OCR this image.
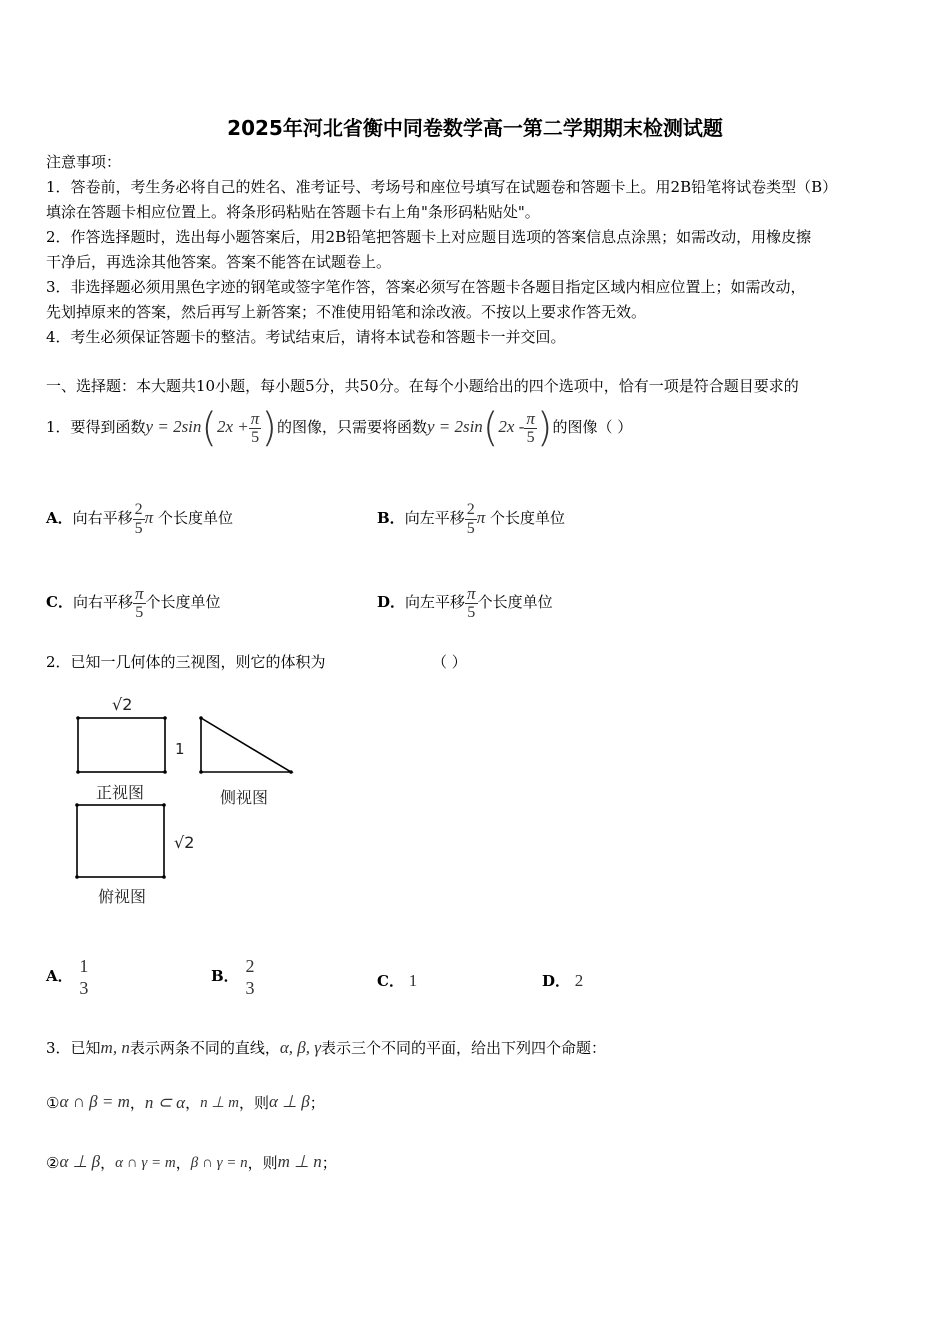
2025年河北省衡中同卷数学高一第二学期期末检测试题
注意事项：
1．答卷前，考生务必将自己的姓名、准考证号、考场号和座位号填写在试题卷和答题卡上。用2B铅笔将试卷类型（B）
填涂在答题卡相应位置上。将条形码粘贴在答题卡右上角"条形码粘贴处"。
2．作答选择题时，选出每小题答案后，用2B铅笔把答题卡上对应题目选项的答案信息点涂黑；如需改动，用橡皮擦
干净后，再选涂其他答案。答案不能答在试题卷上。
3．非选择题必须用黑色字迹的钢笔或签字笔作答，答案必须写在答题卡各题目指定区域内相应位置上；如需改动，
先划掉原来的答案，然后再写上新答案；不准使用铅笔和涂改液。不按以上要求作答无效。
4．考生必须保证答题卡的整洁。考试结束后，请将本试卷和答题卡一并交回。
一、选择题：本大题共10小题，每小题5分，共50分。在每个小题给出的四个选项中，恰有一项是符合题目要求的
1．要得到函数$y = 2\sin(2x + \frac{\pi}{5}$ )的图像，只需要将函数$y = 2\sin(2x - \frac{\pi}{5}$ )的图像（ ）
A．向右平移 $\frac{2}{5}$ π 个长度单位	B．向左平移 $\frac{2}{5}$ π 个长度单位
C．向右平移 $\frac{\pi}{5}$ 个长度单位	D．向左平移 $\frac{\pi}{5}$ 个长度单位
2．已知一几何体的三视图，则它的体积为	（ ）
√2
1
√2
正视图	侧视图
俯视图
A． 1
3
B． 2
3	C． 1	D． 2
3．已知m, n表示两条不同的直线，α, β, γ表示三个不同的平面，给出下列四个命题：
①α ∩ β = m，n ⊂ α，n ⊥ m，则α ⊥ β；
②α ⊥ β，α ∩ γ = m，β ∩ γ = n，则m ⊥ n；
